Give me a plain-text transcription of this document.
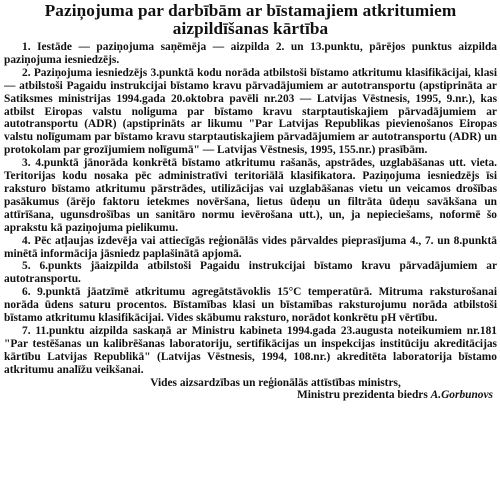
Paziņojuma par darbībām ar bīstamajiem atkritumiem
aizpildīšanas kārtība

1. Iestāde — paziņojuma saņēmēja — aizpilda 2. un 13.punktu, pārējos punktus aizpilda paziņojuma iesniedzējs.

2. Paziņojuma iesniedzējs 3.punktā kodu norāda atbilstoši bīstamo atkritumu klasifikācijai, klasi — atbilstoši Pagaidu instrukcijai bīstamo kravu pārvadājumiem ar autotransportu (apstiprināta ar Satiksmes ministrijas 1994.gada 20.oktobra pavēli nr.203 — Latvijas Vēstnesis, 1995, 9.nr.), kas atbilst Eiropas valstu noligumа par bīstamo kravu starptautiskajiem pārvadājumiem ar autotransportu (ADR) (apstiprināts ar likumu "Par Latvijas Republikas pievienošanos Eiropas valstu nolīgumam par bīstamo kravu starptautiskajiem pārvadājumiem ar autotransportu (ADR) un protokolam par grozījumiem nolīgumā" — Latvijas Vēstnesis, 1995, 155.nr.) prasībām.

3. 4.punktā jānorāda konkrētā bīstamo atkritumu rašanās, apstrādes, uzglabāšanas utt. vieta. Teritorijas kodu nosaka pēc administratīvi teritoriālā klasifikatora. Paziņojuma iesniedzējs īsi raksturo bīstamo atkritumu pārstrādes, utilizācijas vai uzglabāšanas vietu un veicamos drošības pasākumus (ārējo faktoru ietekmes novēršana, lietus ūdeņu un filtrāta ūdeņu savākšana un attīrīšana, ugunsdrošības un sanitāro normu ievērošana utt.), un, ja nepieciešams, noformē šo aprakstu kā paziņojuma pielikumu.

4. Pēc atļaujas izdevēja vai attiecīgās reģionālās vides pārvaldes pieprasījuma 4., 7. un 8.punktā minētā informācija jāsniedz paplašinātā apjomā.

5. 6.punkts jāaizpilda atbilstoši Pagaidu instrukcijai bīstamo kravu pārvadājumiem ar autotransportu.

6. 9.punktā jāatzīmē atkritumu agregātstāvoklis 15°C temperatūrā. Mitruma raksturošanai norāda ūdens saturu procentos. Bīstamības klasi un bīstamības raksturojumu norāda atbilstoši bīstamo atkritumu klasifikācijai. Vides skābumu raksturo, norādot konkrētu pH vērtību.

7. 11.punktu aizpilda saskaņā ar Ministru kabineta 1994.gada 23.augusta noteikumiem nr.181 "Par testēšanas un kalibrēšanas laboratoriju, sertifikācijas un inspekcijas institūciju akreditācijas kārtību Latvijas Republikā" (Latvijas Vēstnesis, 1994, 108.nr.) akreditēta laboratorija bīstamo atkritumu analīžu veikšanai.

Vides aizsardzības un reģionālās attīstības ministrs,
Ministru prezidenta biedrs A.Gorbunovs
